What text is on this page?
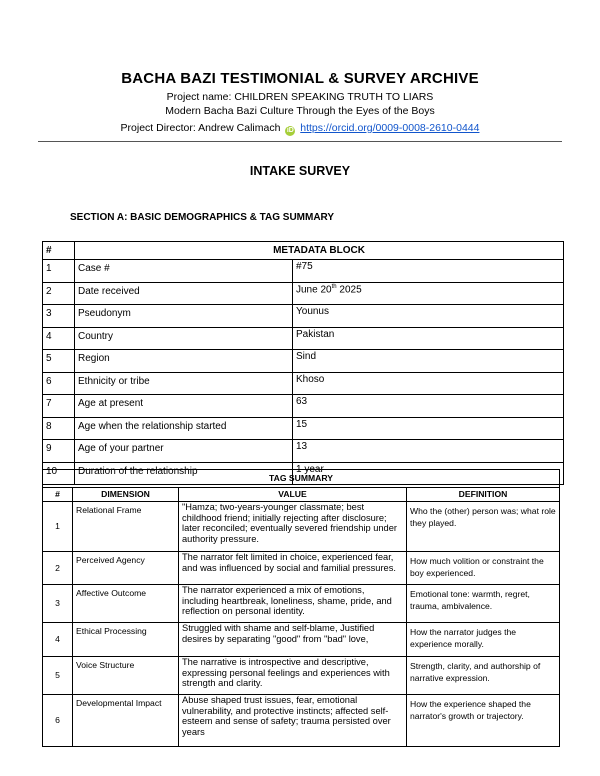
BACHA BAZI TESTIMONIAL & SURVEY ARCHIVE
Project name: CHILDREN SPEAKING TRUTH TO LIARS
Modern Bacha Bazi Culture Through the Eyes of the Boys
Project Director: Andrew Calimach iD https://orcid.org/0009-0008-2610-0444
INTAKE SURVEY
SECTION A: BASIC DEMOGRAPHICS & TAG SUMMARY
#	METADATA BLOCK	
1	Case #	#75
2	Date received	June 20th 2025
3	Pseudonym	Younus
4	Country	Pakistan
5	Region	Sind
6	Ethnicity or tribe	Khoso
7	Age at present	63
8	Age when the relationship started	15
9	Age of your partner	13
10	Duration of the relationship	1 year
TAG SUMMARY			
#	DIMENSION	VALUE	DEFINITION
1	Relational Frame	"Hamza; two-years-younger classmate; best childhood friend; initially rejecting after disclosure; later reconciled; eventually severed friendship under authority pressure.	Who the (other) person was; what role they played.
2	Perceived Agency	The narrator felt limited in choice, experienced fear, and was influenced by social and familial pressures.	How much volition or constraint the boy experienced.
3	Affective Outcome	The narrator experienced a mix of emotions, including heartbreak, loneliness, shame, pride, and reflection on personal identity.	Emotional tone: warmth, regret, trauma, ambivalence.
4	Ethical Processing	Struggled with shame and self-blame, Justified desires by separating "good" from "bad" love,	How the narrator judges the experience morally.
5	Voice Structure	The narrative is introspective and descriptive, expressing personal feelings and experiences with strength and clarity.	Strength, clarity, and authorship of narrative expression.
6	Developmental Impact	Abuse shaped trust issues, fear, emotional vulnerability, and protective instincts; affected self-esteem and sense of safety; trauma persisted over years	How the experience shaped the narrator's growth or trajectory.
